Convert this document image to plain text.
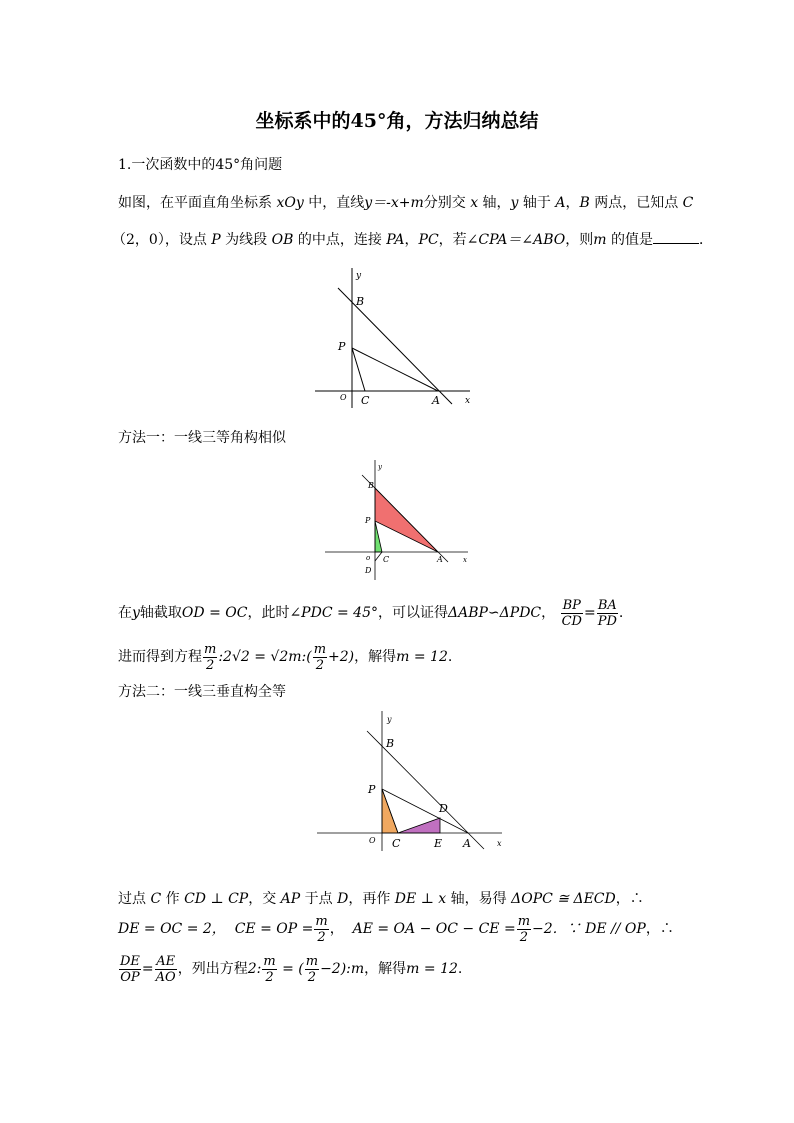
坐标系中的45°角，方法归纳总结
1.一次函数中的45°角问题
如图，在平面直角坐标系 xOy 中，直线y＝-x+m分别交 x 轴，y 轴于 A，B 两点，已知点 C
（2，0），设点 P 为线段 OB 的中点，连接 PA，PC，若∠CPA＝∠ABO，则m 的值是	．
y
x
B
P
O C	A
方法一：一线三等角构相似
y
x
B
P
o C	A
D
在y轴截取OD = OC，此时∠PDC = 45°，可以证得ΔABP∽ΔPDC， $\frac{BP}{CD} = \frac{BA}{PD}$ .
进而得到方程 $\frac{m}{2}$ :2√2 = √2m:( $\frac{m}{2} +2$)，解得m = 12.
方法二：一线三垂直构全等
y
x
B
P
D
O C	E A
过点 C 作 CD ⊥ CP，交 AP 于点 D，再作 DE ⊥ x 轴，易得 ΔOPC ≅ ΔECD，∴
DE = OC = 2， CE = OP = $\frac{m}{2}$ ， AE = OA − OC − CE = $\frac{m}{2} -2$．∵ DE // OP，∴
$\frac{DE}{OP} = \frac{AE}{AO}$ ，列出方程2: $\frac{m}{2}$ = ( $\frac{m}{2}$ −2):m，解得m = 12.
